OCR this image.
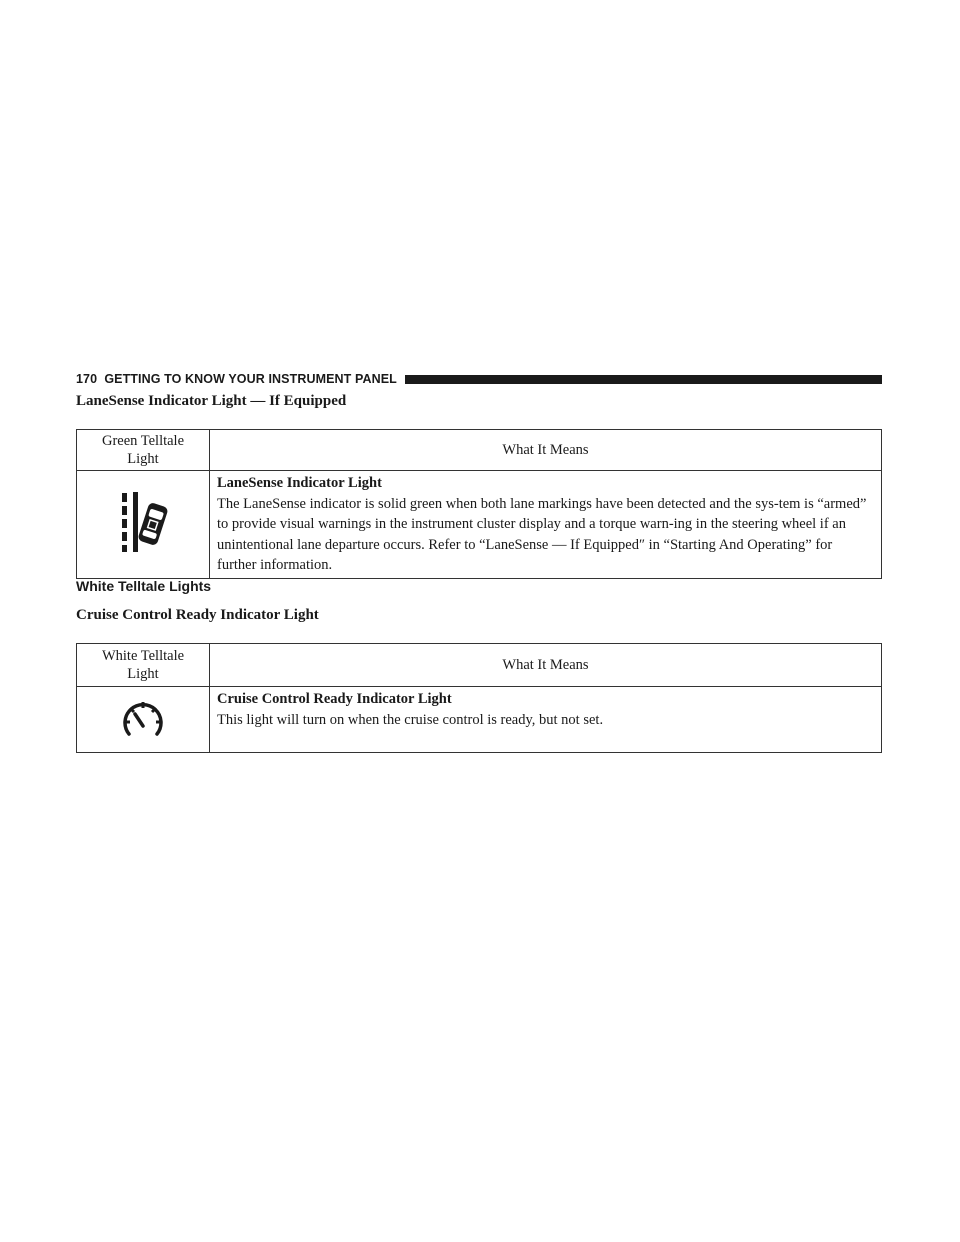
170 GETTING TO KNOW YOUR INSTRUMENT PANEL
LaneSense Indicator Light — If Equipped
Green Telltale
Light	What It Means

LaneSense Indicator Light
The LaneSense indicator is solid green when both lane markings have been detected and the sys-tem is “armed” to provide visual warnings in the instrument cluster display and a torque warn-ing in the steering wheel if an unintentional lane departure occurs. Refer to “LaneSense — If Equipped″ in “Starting And Operating” for further information.
White Telltale Lights
Cruise Control Ready Indicator Light
White Telltale
Light	What It Means

Cruise Control Ready Indicator Light
This light will turn on when the cruise control is ready, but not set.
